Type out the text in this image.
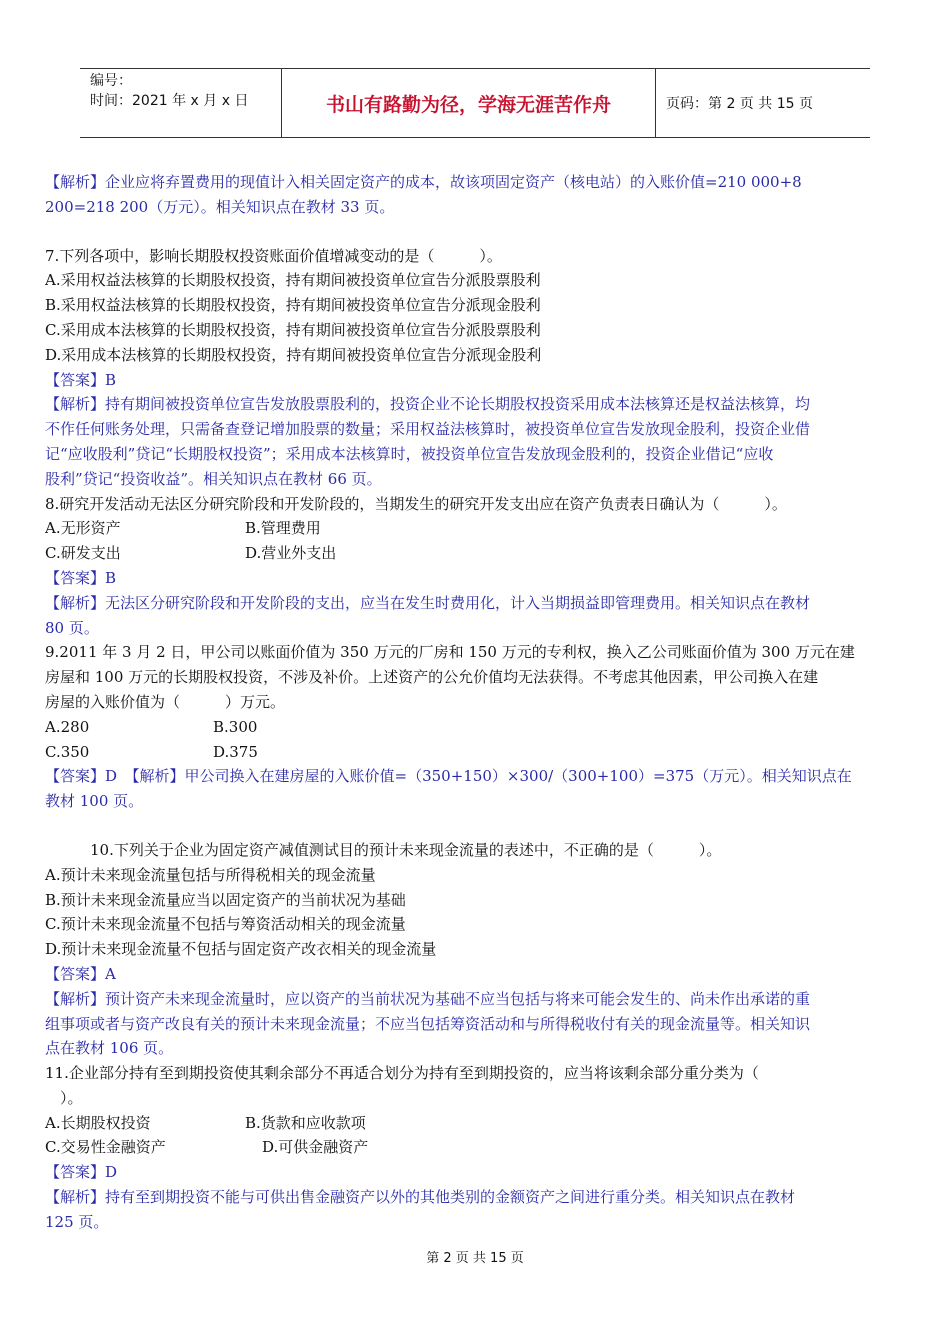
编号：
时间：2021 年 x 月 x 日	书山有路勤为径，学海无涯苦作舟	页码：第 2 页 共 15 页

【解析】企业应将弃置费用的现值计入相关固定资产的成本，故该项固定资产（核电站）的入账价值=210 000+8

200=218 200（万元）。相关知识点在教材 33 页。

7.下列各项中，影响长期股权投资账面价值增减变动的是（　　　）。

A.采用权益法核算的长期股权投资，持有期间被投资单位宣告分派股票股利

B.采用权益法核算的长期股权投资，持有期间被投资单位宣告分派现金股利

C.采用成本法核算的长期股权投资，持有期间被投资单位宣告分派股票股利

D.采用成本法核算的长期股权投资，持有期间被投资单位宣告分派现金股利

【答案】B

【解析】持有期间被投资单位宣告发放股票股利的，投资企业不论长期股权投资采用成本法核算还是权益法核算，均

不作任何账务处理，只需备查登记增加股票的数量；采用权益法核算时，被投资单位宣告发放现金股利，投资企业借

记“应收股利”贷记“长期股权投资”；采用成本法核算时，被投资单位宣告发放现金股利的，投资企业借记“应收

股利”贷记“投资收益”。相关知识点在教材 66 页。

8.研究开发活动无法区分研究阶段和开发阶段的，当期发生的研究开发支出应在资产负责表日确认为（　　　）。

A.无形资产	B.管理费用
C.研发支出	D.营业外支出

【答案】B

【解析】无法区分研究阶段和开发阶段的支出，应当在发生时费用化，计入当期损益即管理费用。相关知识点在教材

80 页。

9.2011 年 3 月 2 日，甲公司以账面价值为 350 万元的厂房和 150 万元的专利权，换入乙公司账面价值为 300 万元在建

房屋和 100 万元的长期股权投资，不涉及补价。上述资产的公允价值均无法获得。不考虑其他因素，甲公司换入在建

房屋的入账价值为（　　　）万元。

A.280	B.300
C.350	D.375

【答案】D　【解析】甲公司换入在建房屋的入账价值=（350+150）×300/（300+100）=375（万元）。相关知识点在

教材 100 页。

10.下列关于企业为固定资产减值测试目的预计未来现金流量的表述中，不正确的是（　　　）。

A.预计未来现金流量包括与所得税相关的现金流量

B.预计未来现金流量应当以固定资产的当前状况为基础

C.预计未来现金流量不包括与筹资活动相关的现金流量

D.预计未来现金流量不包括与固定资产改衣相关的现金流量

【答案】A

【解析】预计资产未来现金流量时，应以资产的当前状况为基础不应当包括与将来可能会发生的、尚未作出承诺的重

组事项或者与资产改良有关的预计未来现金流量；不应当包括筹资活动和与所得税收付有关的现金流量等。相关知识

点在教材 106 页。

11.企业部分持有至到期投资使其剩余部分不再适合划分为持有至到期投资的，应当将该剩余部分重分类为（

　）。

A.长期股权投资	B.货款和应收款项
C.交易性金融资产	D.可供金融资产

【答案】D

【解析】持有至到期投资不能与可供出售金融资产以外的其他类别的金额资产之间进行重分类。相关知识点在教材

125 页。

第 2 页 共 15 页
